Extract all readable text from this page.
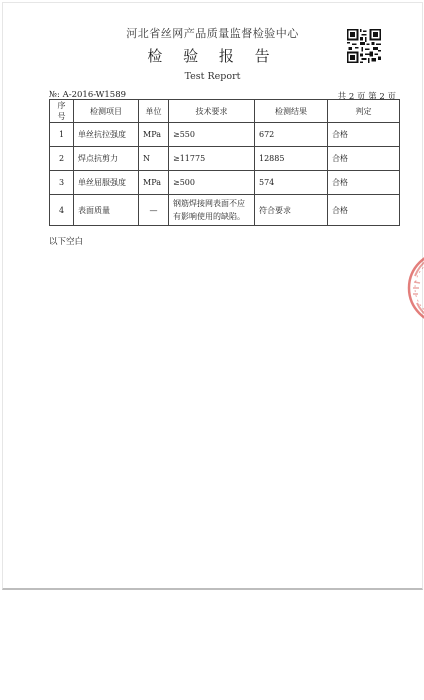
河北省丝网产品质量监督检验中心
检 验 报 告
Test Report
№: A-2016-W1589	共 2 页 第 2 页
序号	检测项目	单位	技术要求	检测结果	判定
1	单丝抗拉强度	MPa	≥550	672	合格
2	焊点抗剪力	N	≥11775	12885	合格
3	单丝屈服强度	MPa	≥500	574	合格
4	表面质量	—	钢筋焊接网表面不应有影响使用的缺陷。	符合要求	合格
以下空白
